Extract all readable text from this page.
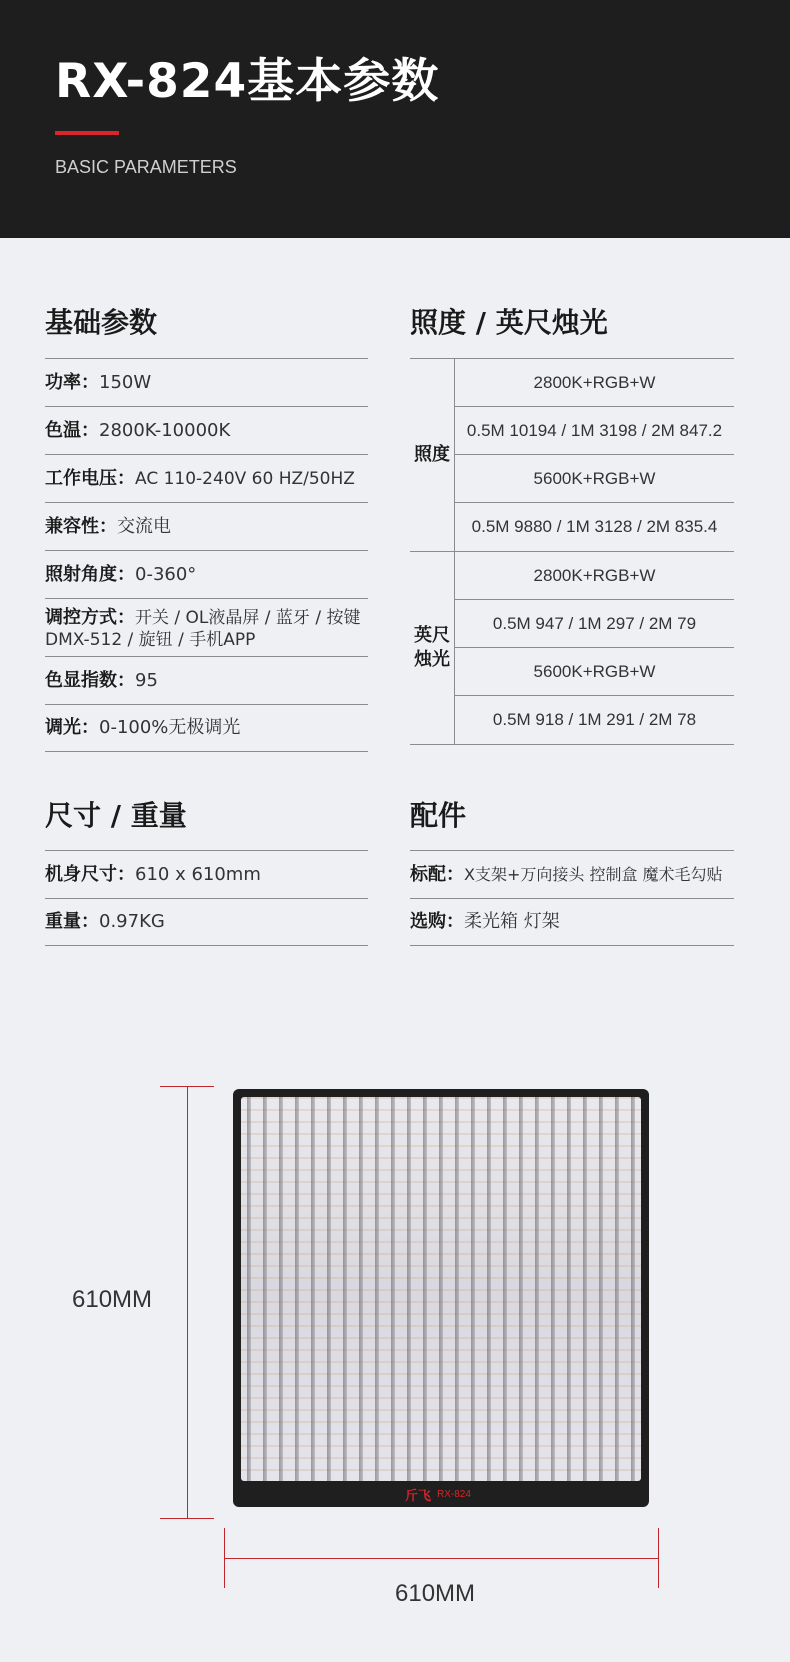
RX-824基本参数
BASIC PARAMETERS
基础参数
功率： 150W
色温： 2800K-10000K
工作电压： AC 110-240V 60 HZ/50HZ
兼容性： 交流电
照射角度： 0-360°
调控方式：开关 / OL液晶屏 / 蓝牙 / 按键
DMX-512 / 旋钮 / 手机APP
色显指数： 95
调光： 0-100%无极调光
照度 / 英尺烛光
照度
2800K+RGB+W
0.5M 10194 / 1M 3198 / 2M 847.2
5600K+RGB+W
0.5M 9880 / 1M 3128 / 2M 835.4
英尺烛光
2800K+RGB+W
0.5M 947 / 1M 297 / 2M 79
5600K+RGB+W
0.5M 918 / 1M 291 / 2M 78
尺寸 / 重量
机身尺寸： 610 x 610mm
重量： 0.97KG
配件
标配： X支架+万向接头 控制盒 魔术毛勾贴
选购： 柔光箱 灯架
610MM
斤飞 RX-824
610MM
